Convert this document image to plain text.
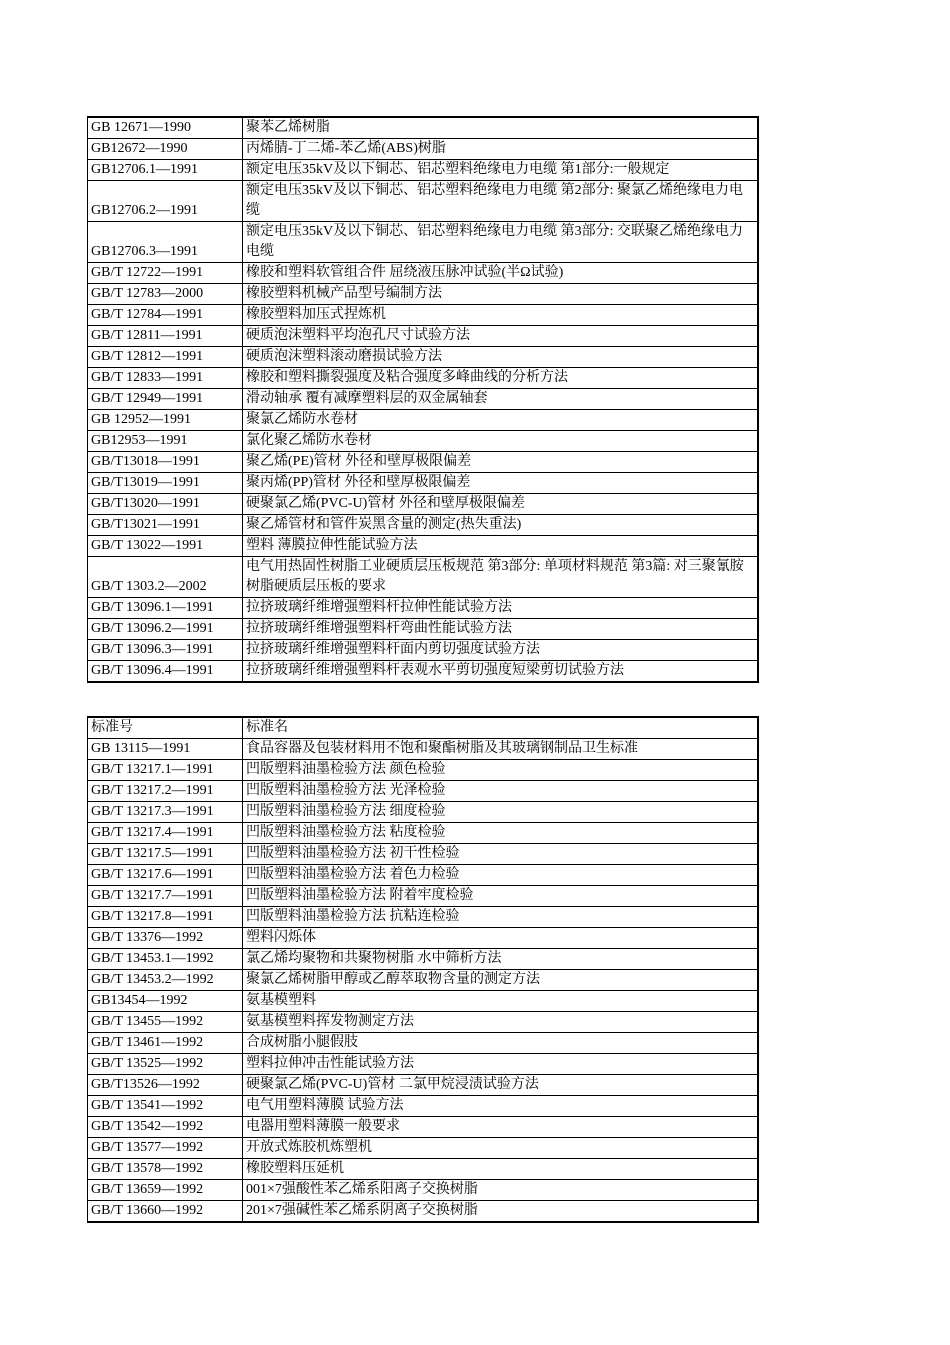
GB 12671—1990	聚苯乙烯树脂
GB12672—1990	丙烯腈-丁二烯-苯乙烯(ABS)树脂
GB12706.1—1991	额定电压35kV及以下铜芯、铝芯塑料绝缘电力电缆 第1部分:一般规定
GB12706.2—1991	额定电压35kV及以下铜芯、铝芯塑料绝缘电力电缆 第2部分: 聚氯乙烯绝缘电力电缆
GB12706.3—1991	额定电压35kV及以下铜芯、铝芯塑料绝缘电力电缆 第3部分: 交联聚乙烯绝缘电力电缆
GB/T 12722—1991	橡胶和塑料软管组合件 屈绕液压脉冲试验(半Ω试验)
GB/T 12783—2000	橡胶塑料机械产品型号编制方法
GB/T 12784—1991	橡胶塑料加压式捏炼机
GB/T 12811—1991	硬质泡沫塑料平均泡孔尺寸试验方法
GB/T 12812—1991	硬质泡沫塑料滚动磨损试验方法
GB/T 12833—1991	橡胶和塑料撕裂强度及粘合强度多峰曲线的分析方法
GB/T 12949—1991	滑动轴承 覆有减摩塑料层的双金属轴套
GB 12952—1991	聚氯乙烯防水卷材
GB12953—1991	氯化聚乙烯防水卷材
GB/T13018—1991	聚乙烯(PE)管材 外径和壁厚极限偏差
GB/T13019—1991	聚丙烯(PP)管材 外径和壁厚极限偏差
GB/T13020—1991	硬聚氯乙烯(PVC-U)管材 外径和壁厚极限偏差
GB/T13021—1991	聚乙烯管材和管件炭黑含量的测定(热失重法)
GB/T 13022—1991	塑料 薄膜拉伸性能试验方法
GB/T 1303.2—2002	电气用热固性树脂工业硬质层压板规范 第3部分: 单项材料规范 第3篇: 对三聚氰胺树脂硬质层压板的要求
GB/T 13096.1—1991	拉挤玻璃纤维增强塑料杆拉伸性能试验方法
GB/T 13096.2—1991	拉挤玻璃纤维增强塑料杆弯曲性能试验方法
GB/T 13096.3—1991	拉挤玻璃纤维增强塑料杆面内剪切强度试验方法
GB/T 13096.4—1991	拉挤玻璃纤维增强塑料杆表观水平剪切强度短梁剪切试验方法
标准号	标准名
GB 13115—1991	食品容器及包装材料用不饱和聚酯树脂及其玻璃钢制品卫生标准
GB/T 13217.1—1991	凹版塑料油墨检验方法 颜色检验
GB/T 13217.2—1991	凹版塑料油墨检验方法 光泽检验
GB/T 13217.3—1991	凹版塑料油墨检验方法 细度检验
GB/T 13217.4—1991	凹版塑料油墨检验方法 粘度检验
GB/T 13217.5—1991	凹版塑料油墨检验方法 初干性检验
GB/T 13217.6—1991	凹版塑料油墨检验方法 着色力检验
GB/T 13217.7—1991	凹版塑料油墨检验方法 附着牢度检验
GB/T 13217.8—1991	凹版塑料油墨检验方法 抗粘连检验
GB/T 13376—1992	塑料闪烁体
GB/T 13453.1—1992	氯乙烯均聚物和共聚物树脂 水中筛析方法
GB/T 13453.2—1992	聚氯乙烯树脂甲醇或乙醇萃取物含量的测定方法
GB13454—1992	氨基模塑料
GB/T 13455—1992	氨基模塑料挥发物测定方法
GB/T 13461—1992	合成树脂小腿假肢
GB/T 13525—1992	塑料拉伸冲击性能试验方法
GB/T13526—1992	硬聚氯乙烯(PVC-U)管材 二氯甲烷浸渍试验方法
GB/T 13541—1992	电气用塑料薄膜 试验方法
GB/T 13542—1992	电器用塑料薄膜一般要求
GB/T 13577—1992	开放式炼胶机炼塑机
GB/T 13578—1992	橡胶塑料压延机
GB/T 13659—1992	001×7强酸性苯乙烯系阳离子交换树脂
GB/T 13660—1992	201×7强碱性苯乙烯系阴离子交换树脂
